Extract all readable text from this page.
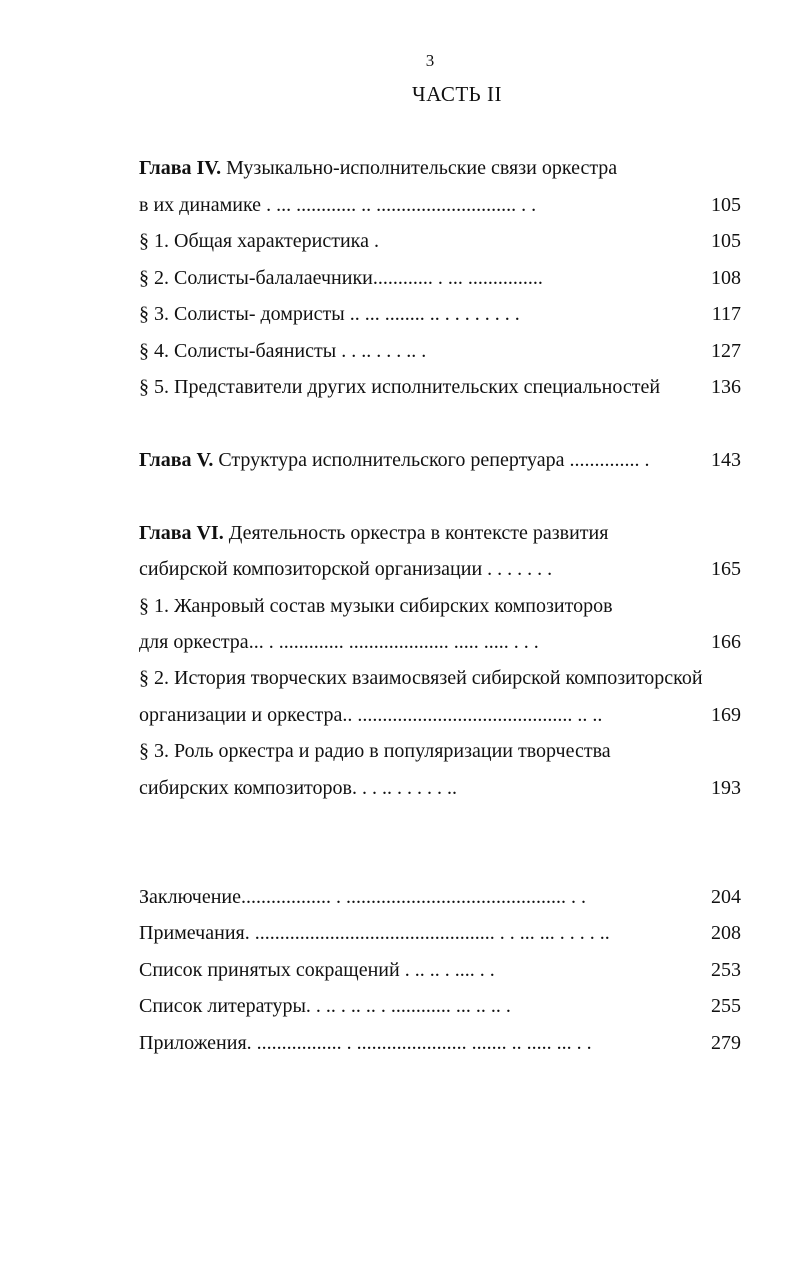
3
ЧАСТЬ II
Глава IV. Музыкально-исполнительские связи оркестра
в их динамике . ... ............ .. ............................ . .	105
§ 1. Общая характеристика .	105
§ 2. Солисты-балалаечники............ . ... ...............	108
§ 3. Солисты- домристы .. ... ........ .. . . . . . . . .	117
§ 4. Солисты-баянисты . . .. . . . .. .	127
§ 5. Представители других исполнительских специальностей	136
Глава V. Структура исполнительского репертуара .............. .	143
Глава VI. Деятельность оркестра в контексте развития
сибирской композиторской организации . . . . . . .	165
§ 1. Жанровый состав музыки сибирских композиторов
для оркестра... . ............. .................... ..... ..... . . .	166
§ 2. История творческих взаимосвязей сибирской композиторской
организации и оркестра.. ........................................... .. ..	169
§ 3. Роль оркестра и радио в популяризации творчества
сибирских композиторов. . . .. . . . . . ..	193
Заключение.................. . ............................................ . .	204
Примечания. ................................................ . . ... ... . . . . ..	208
Список принятых сокращений . .. .. . .... . .	253
Список литературы. . .. . .. .. . ............ ... .. .. .	255
Приложения. ................. . ...................... ....... .. ..... ... . .	279
